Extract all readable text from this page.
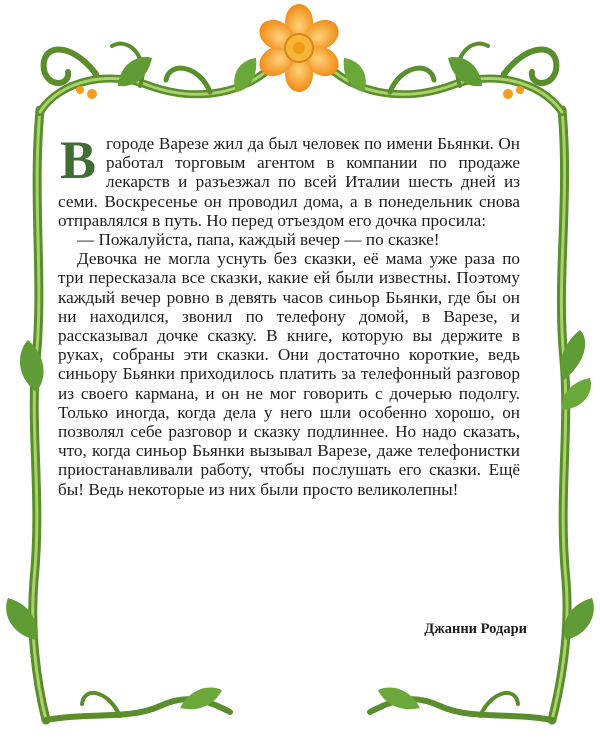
Вгороде Варезе жил да был человек по имени Бьянки. Он работал торговым агентом в компании по продаже лекарств и разъезжал по всей Италии шесть дней из семи. Воскресенье он проводил дома, а в понедельник снова отправлялся в путь. Но перед отъездом его дочка просила:

— Пожалуйста, папа, каждый вечер — по сказке!

Девочка не могла уснуть без сказки, её мама уже раза по три пересказала все сказки, какие ей были известны. Поэтому каждый вечер ровно в девять часов синьор Бьянки, где бы он ни находился, звонил по телефону домой, в Варезе, и рассказывал дочке сказку. В книге, которую вы держите в руках, собраны эти сказки. Они достаточно короткие, ведь синьору Бьянки приходилось платить за телефонный разговор из своего кармана, и он не мог говорить с дочерью подолгу. Только иногда, когда дела у него шли особенно хорошо, он позволял себе разговор и сказку подлиннее. Но надо сказать, что, когда синьор Бьянки вызывал Варезе, даже телефонистки приостанавливали работу, чтобы послушать его сказки. Ещё бы! Ведь некоторые из них были просто великолепны!

Джанни Родари
